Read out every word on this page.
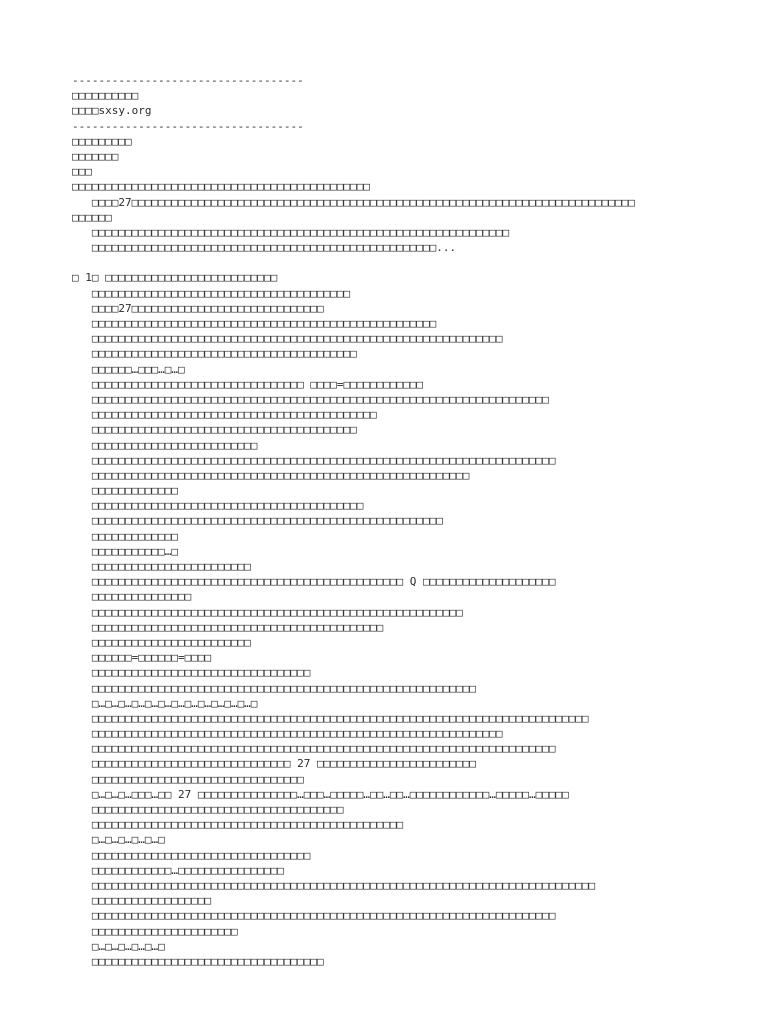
-----------------------------------
□□□□□□□□□□
□□□□sxsy.org
-----------------------------------
□□□□□□□□□
□□□□□□□
□□□
□□□□□□□□□□□□□□□□□□□□□□□□□□□□□□□□□□□□□□□□□□□□□
□□□□27□□□□□□□□□□□□□□□□□□□□□□□□□□□□□□□□□□□□□□□□□□□□□□□□□□□□□□□□□□□□□□□□□□□□□□□□□□□□
□□□□□□
□□□□□□□□□□□□□□□□□□□□□□□□□□□□□□□□□□□□□□□□□□□□□□□□□□□□□□□□□□□□□□□
□□□□□□□□□□□□□□□□□□□□□□□□□□□□□□□□□□□□□□□□□□□□□□□□□□□□...
□ 1□ □□□□□□□□□□□□□□□□□□□□□□□□□□
□□□□□□□□□□□□□□□□□□□□□□□□□□□□□□□□□□□□□□□
□□□□27□□□□□□□□□□□□□□□□□□□□□□□□□□□□□
□□□□□□□□□□□□□□□□□□□□□□□□□□□□□□□□□□□□□□□□□□□□□□□□□□□□
□□□□□□□□□□□□□□□□□□□□□□□□□□□□□□□□□□□□□□□□□□□□□□□□□□□□□□□□□□□□□□
□□□□□□□□□□□□□□□□□□□□□□□□□□□□□□□□□□□□□□□□
□□□□□□…□□□…□…□
□□□□□□□□□□□□□□□□□□□□□□□□□□□□□□□□ □□□□=□□□□□□□□□□□□
□□□□□□□□□□□□□□□□□□□□□□□□□□□□□□□□□□□□□□□□□□□□□□□□□□□□□□□□□□□□□□□□□□□□□
□□□□□□□□□□□□□□□□□□□□□□□□□□□□□□□□□□□□□□□□□□□
□□□□□□□□□□□□□□□□□□□□□□□□□□□□□□□□□□□□□□□□
□□□□□□□□□□□□□□□□□□□□□□□□□
□□□□□□□□□□□□□□□□□□□□□□□□□□□□□□□□□□□□□□□□□□□□□□□□□□□□□□□□□□□□□□□□□□□□□□
□□□□□□□□□□□□□□□□□□□□□□□□□□□□□□□□□□□□□□□□□□□□□□□□□□□□□□□□□
□□□□□□□□□□□□□
□□□□□□□□□□□□□□□□□□□□□□□□□□□□□□□□□□□□□□□□□
□□□□□□□□□□□□□□□□□□□□□□□□□□□□□□□□□□□□□□□□□□□□□□□□□□□□□
□□□□□□□□□□□□□
□□□□□□□□□□□…□
□□□□□□□□□□□□□□□□□□□□□□□□
□□□□□□□□□□□□□□□□□□□□□□□□□□□□□□□□□□□□□□□□□□□□□□□ Q □□□□□□□□□□□□□□□□□□□□
□□□□□□□□□□□□□□□
□□□□□□□□□□□□□□□□□□□□□□□□□□□□□□□□□□□□□□□□□□□□□□□□□□□□□□□□
□□□□□□□□□□□□□□□□□□□□□□□□□□□□□□□□□□□□□□□□□□□□
□□□□□□□□□□□□□□□□□□□□□□□□
□□□□□□=□□□□□□=□□□□
□□□□□□□□□□□□□□□□□□□□□□□□□□□□□□□□□
□□□□□□□□□□□□□□□□□□□□□□□□□□□□□□□□□□□□□□□□□□□□□□□□□□□□□□□□□□
□…□…□…□…□…□…□…□…□…□…□…□…□
□□□□□□□□□□□□□□□□□□□□□□□□□□□□□□□□□□□□□□□□□□□□□□□□□□□□□□□□□□□□□□□□□□□□□□□□□□□
□□□□□□□□□□□□□□□□□□□□□□□□□□□□□□□□□□□□□□□□□□□□□□□□□□□□□□□□□□□□□□
□□□□□□□□□□□□□□□□□□□□□□□□□□□□□□□□□□□□□□□□□□□□□□□□□□□□□□□□□□□□□□□□□□□□□□
□□□□□□□□□□□□□□□□□□□□□□□□□□□□□□ 27 □□□□□□□□□□□□□□□□□□□□□□□□
□□□□□□□□□□□□□□□□□□□□□□□□□□□□□□□□
□…□…□…□□□…□□ 27 □□□□□□□□□□□□□□□…□□□…□□□□□…□□…□□…□□□□□□□□□□□□…□□□□□…□□□□□
□□□□□□□□□□□□□□□□□□□□□□□□□□□□□□□□□□□□□□
□□□□□□□□□□□□□□□□□□□□□□□□□□□□□□□□□□□□□□□□□□□□□□□
□…□…□…□…□…□
□□□□□□□□□□□□□□□□□□□□□□□□□□□□□□□□□
□□□□□□□□□□□□…□□□□□□□□□□□□□□□□
□□□□□□□□□□□□□□□□□□□□□□□□□□□□□□□□□□□□□□□□□□□□□□□□□□□□□□□□□□□□□□□□□□□□□□□□□□□□
□□□□□□□□□□□□□□□□□□
□□□□□□□□□□□□□□□□□□□□□□□□□□□□□□□□□□□□□□□□□□□□□□□□□□□□□□□□□□□□□□□□□□□□□□
□□□□□□□□□□□□□□□□□□□□□□
□…□…□…□…□…□
□□□□□□□□□□□□□□□□□□□□□□□□□□□□□□□□□□□
